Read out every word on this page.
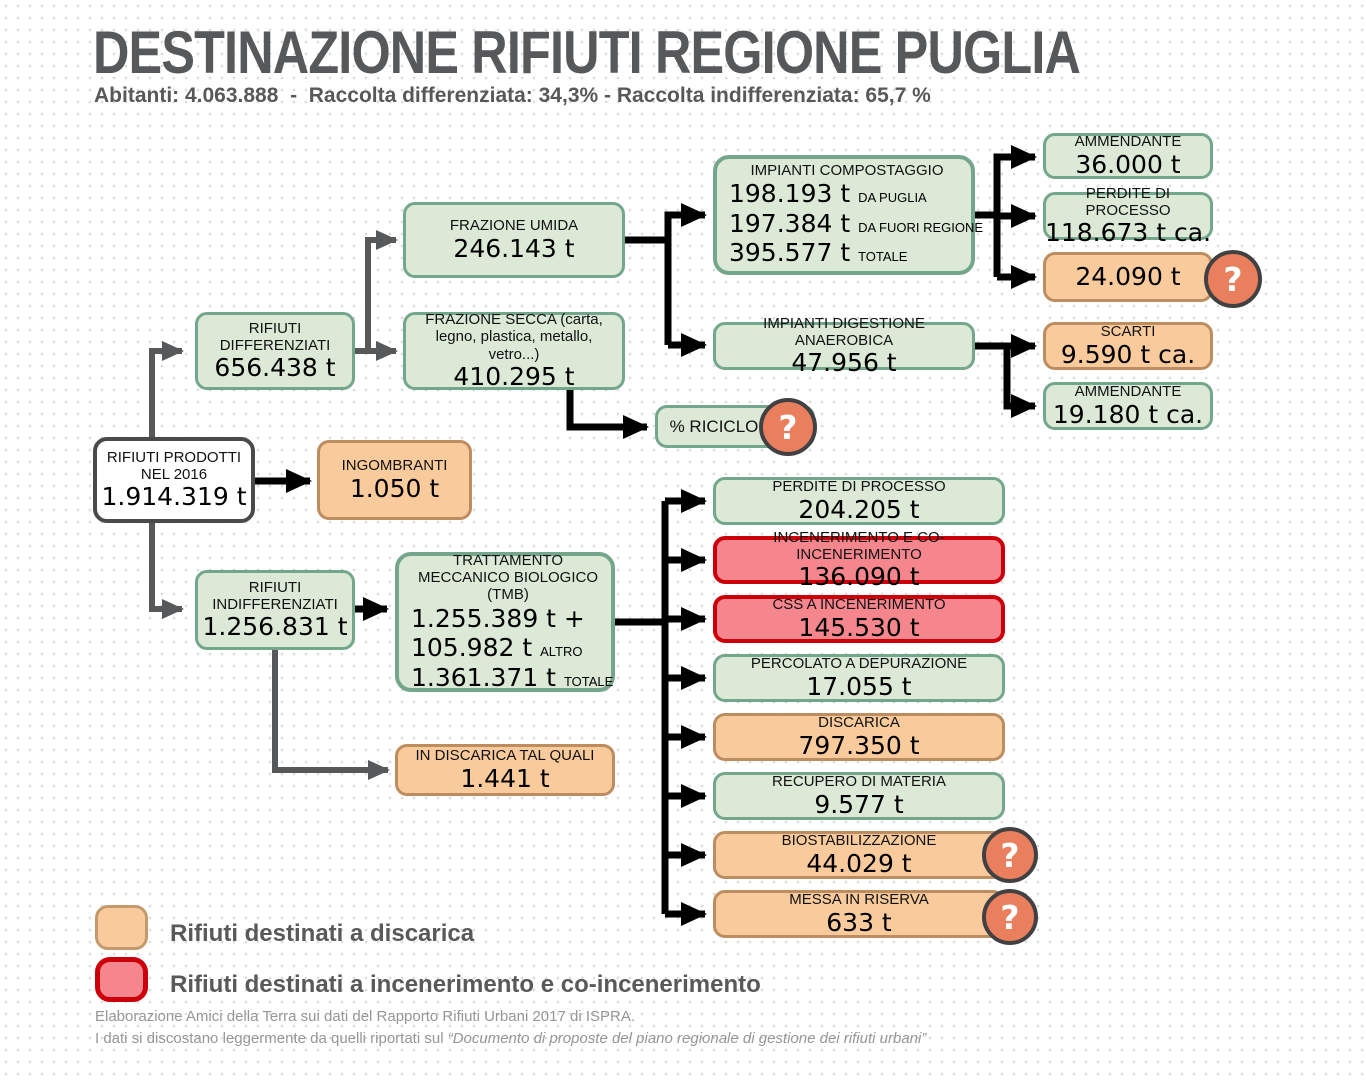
DESTINAZIONE RIFIUTI REGIONE PUGLIA
Abitanti: 4.063.888  -  Raccolta differenziata: 34,3% - Raccolta indifferenziata: 65,7 %
RIFIUTI PRODOTTI NEL 2016
1.914.319 t
RIFIUTI DIFFERENZIATI
656.438 t
RIFIUTI INDIFFERENZIATI
1.256.831 t
INGOMBRANTI
1.050 t
FRAZIONE UMIDA
246.143 t
FRAZIONE SECCA (carta, legno, plastica, metallo, vetro...)
410.295 t
% RICICLO ?
IMPIANTI COMPOSTAGGIO
198.193 t DA PUGLIA
197.384 t DA FUORI REGIONE
395.577 t TOTALE
AMMENDANTE
36.000 t
PERDITE DI PROCESSO
118.673 t ca.
24.090 t ?
IMPIANTI DIGESTIONE ANAEROBICA
47.956 t
SCARTI
9.590 t ca.
AMMENDANTE
19.180 t ca.
TRATTAMENTO MECCANICO BIOLOGICO (TMB)
1.255.389 t +
105.982 t ALTRO
1.361.371 t TOTALE
IN DISCARICA TAL QUALI
1.441 t
PERDITE DI PROCESSO
204.205 t
INCENERIMENTO E CO-INCENERIMENTO
136.090 t
CSS A INCENERIMENTO
145.530 t
PERCOLATO A DEPURAZIONE
17.055 t
DISCARICA
797.350 t
RECUPERO DI MATERIA
9.577 t
BIOSTABILIZZAZIONE
44.029 t	?
MESSA IN RISERVA
633 t	?
Rifiuti destinati a discarica
Rifiuti destinati a incenerimento e co-incenerimento
Elaborazione Amici della Terra sui dati del Rapporto Rifiuti Urbani 2017 di ISPRA.
I dati si discostano leggermente da quelli riportati sul “Documento di proposte del piano regionale di gestione dei rifiuti urbani”
